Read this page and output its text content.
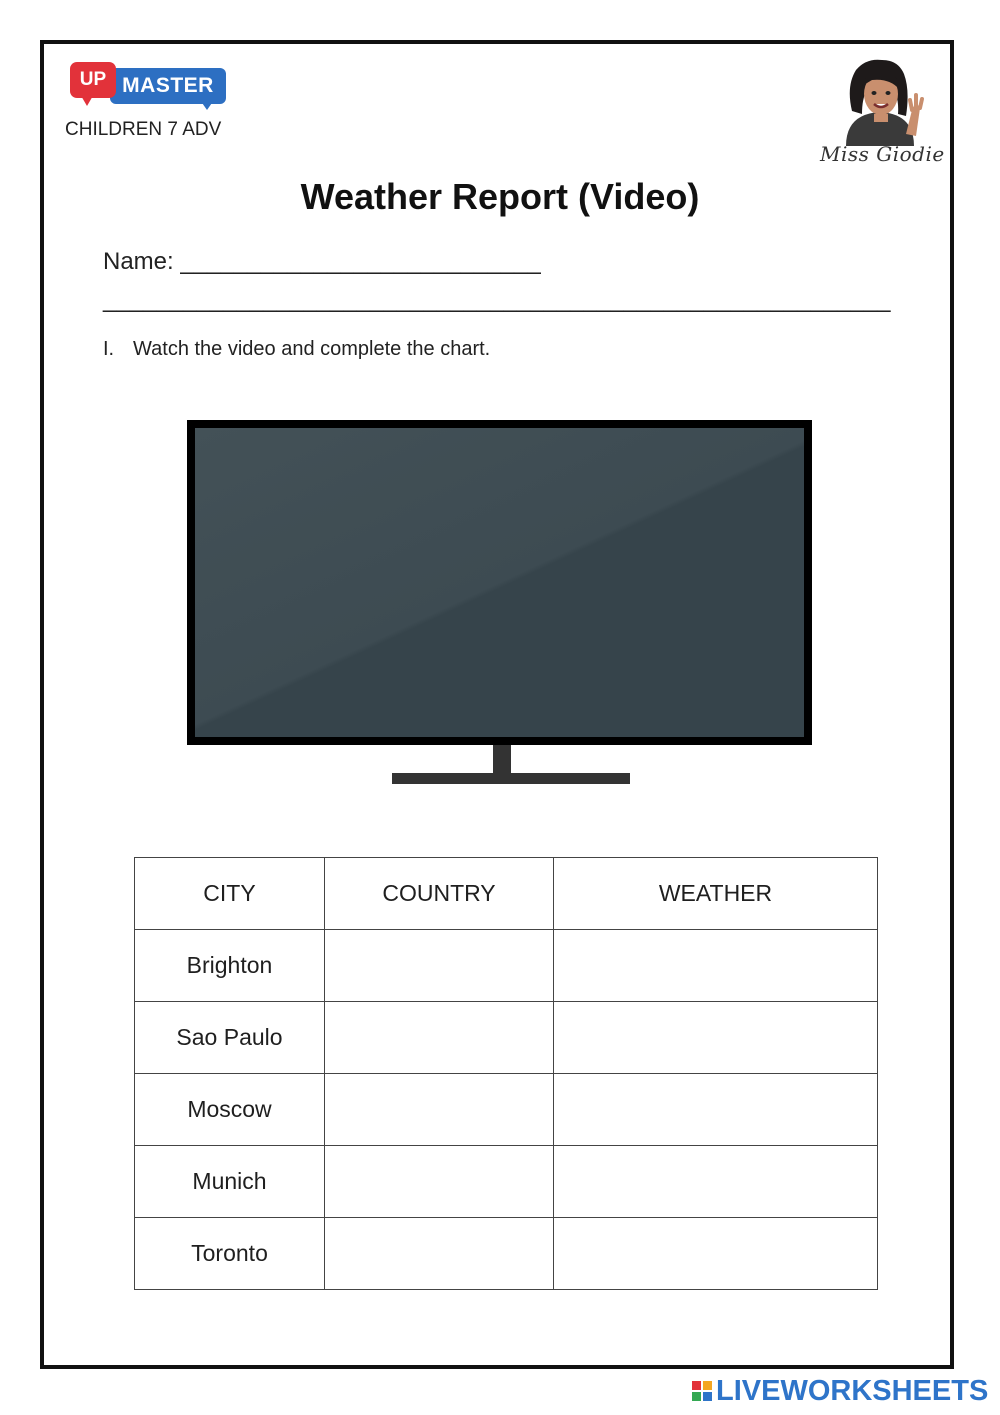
MASTER
UP
CHILDREN 7 ADV
Miss Giodie
Weather Report (Video)
Name: ___________________________
___________________________________________________________
I. Watch the video and complete the chart.
CITY	COUNTRY	WEATHER
Brighton		
Sao Paulo		
Moscow		
Munich		
Toronto		
LIVEWORKSHEETS
